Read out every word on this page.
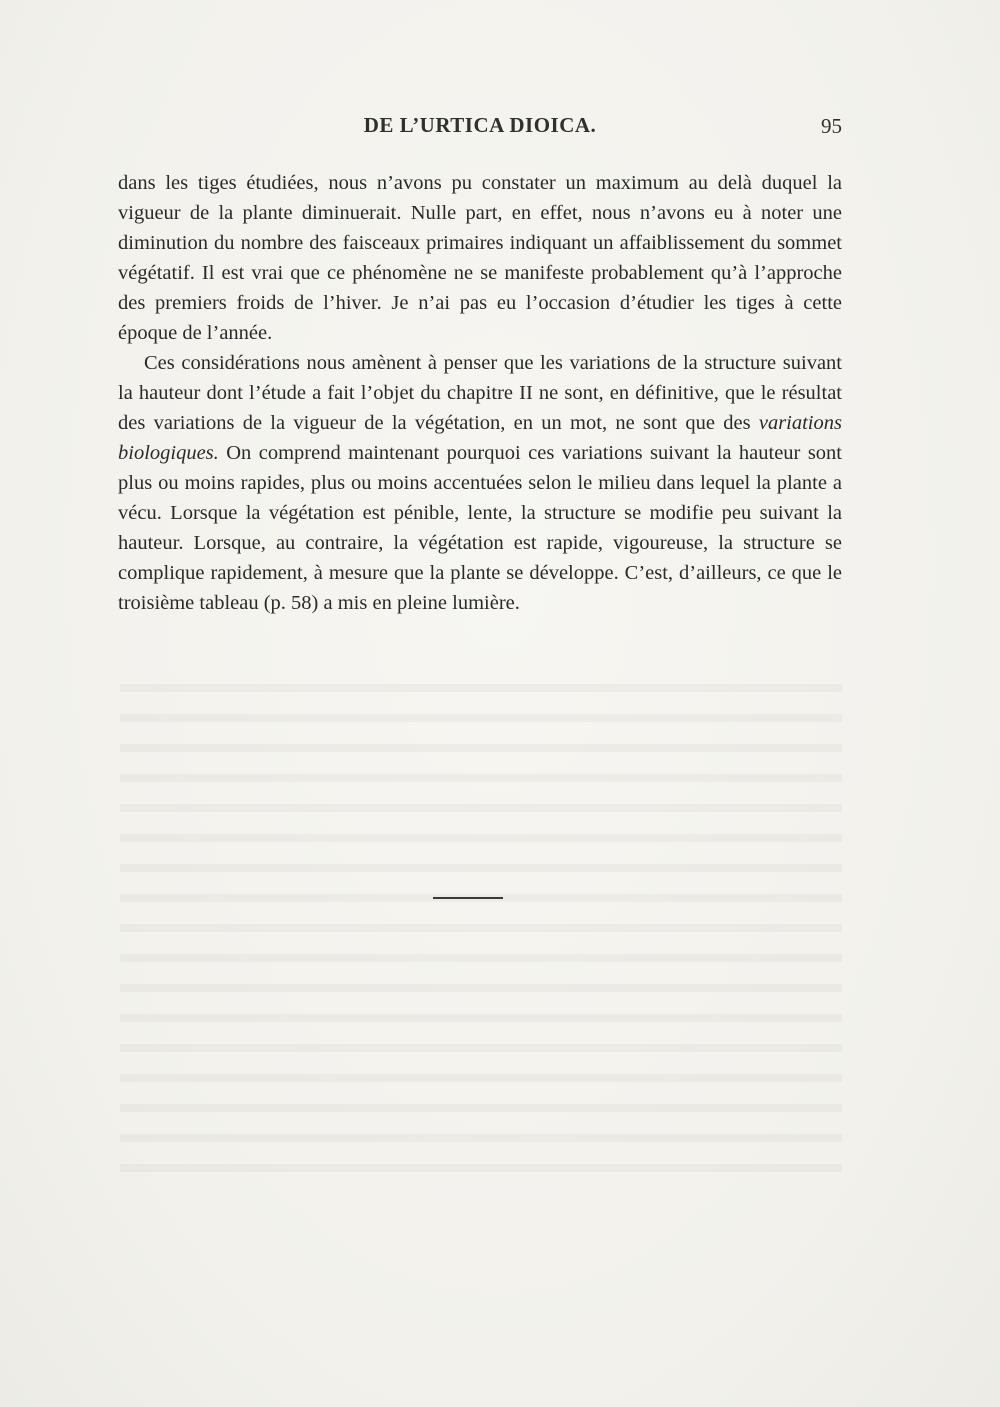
DE L’URTICA DIOICA.	95

dans les tiges étudiées, nous n’avons pu constater un maximum au delà duquel la vigueur de la plante diminuerait. Nulle part, en effet, nous n’avons eu à noter une diminution du nombre des faisceaux primaires indiquant un affaiblissement du sommet végétatif. Il est vrai que ce phénomène ne se manifeste probablement qu’à l’approche des premiers froids de l’hiver. Je n’ai pas eu l’occasion d’étudier les tiges à cette époque de l’année.

Ces considérations nous amènent à penser que les variations de la structure suivant la hauteur dont l’étude a fait l’objet du chapitre II ne sont, en définitive, que le résultat des variations de la vigueur de la végétation, en un mot, ne sont que des variations biologiques. On comprend maintenant pourquoi ces variations suivant la hauteur sont plus ou moins rapides, plus ou moins accentuées selon le milieu dans lequel la plante a vécu. Lorsque la végétation est pénible, lente, la structure se modifie peu suivant la hauteur. Lorsque, au contraire, la végétation est rapide, vigoureuse, la structure se complique rapidement, à mesure que la plante se développe. C’est, d’ailleurs, ce que le troisième tableau (p. 58) a mis en pleine lumière.
